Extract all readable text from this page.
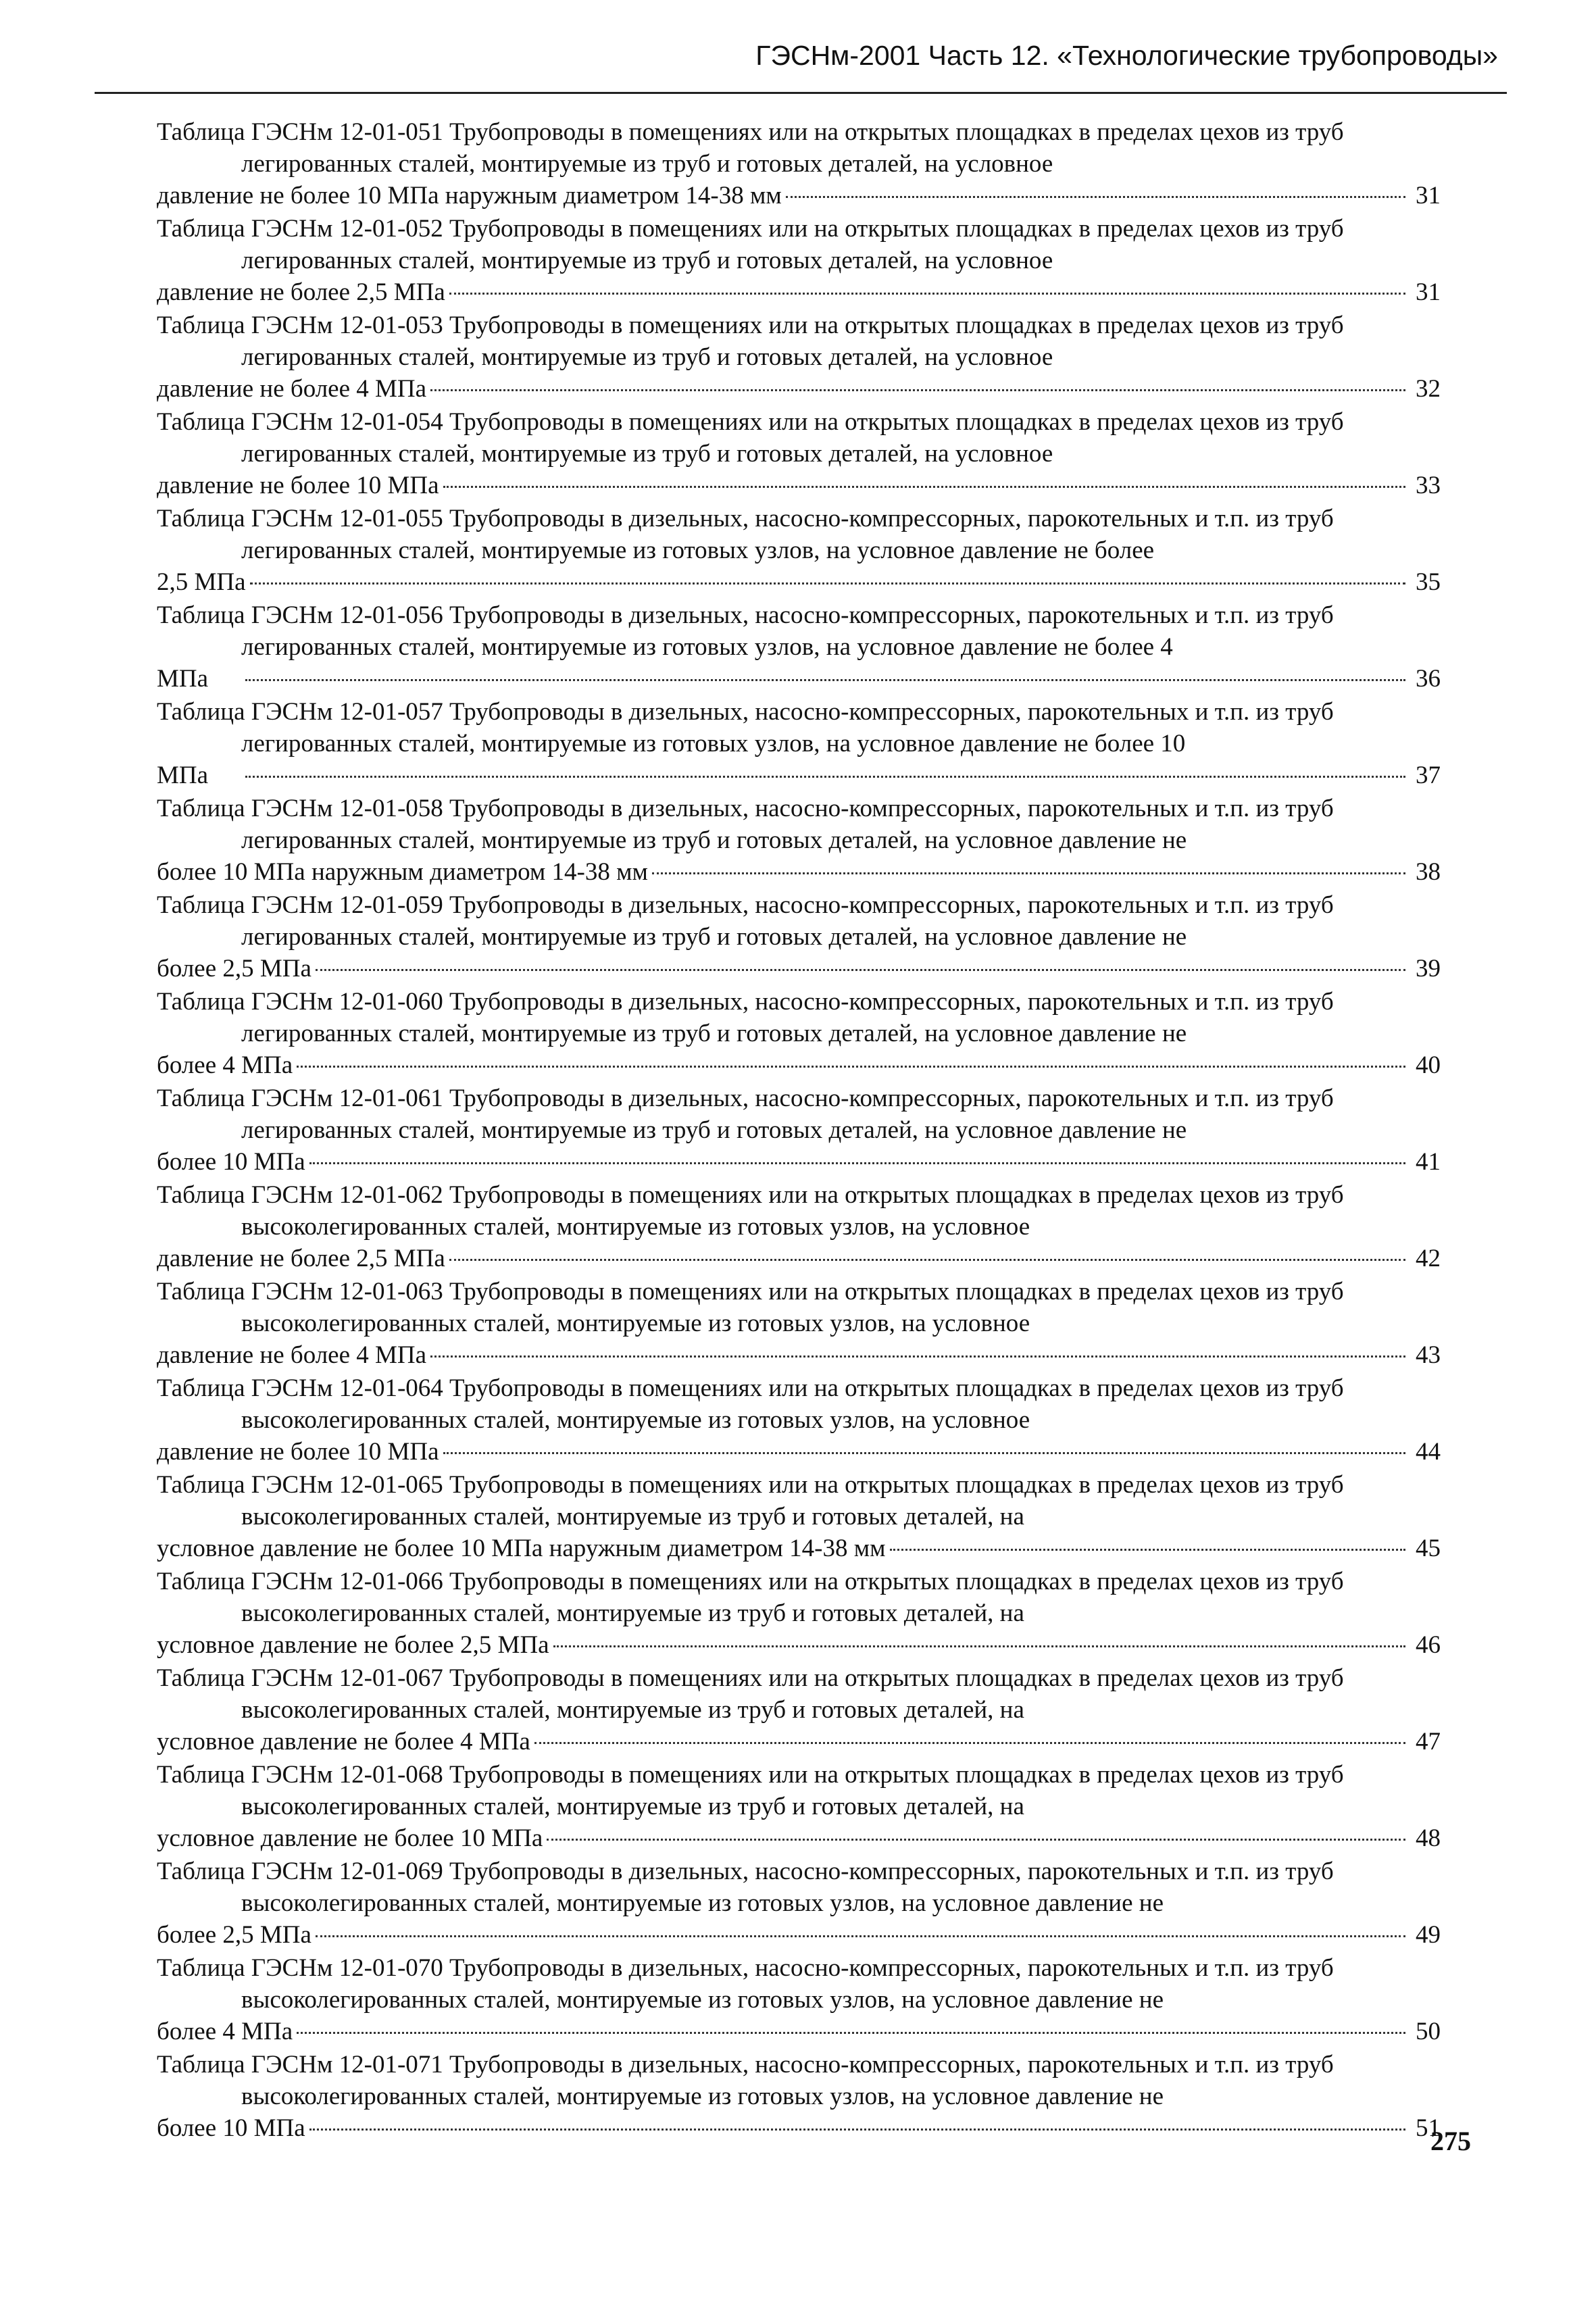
ГЭСНм-2001 Часть 12. «Технологические трубопроводы»
Таблица ГЭСНм 12-01-051 Трубопроводы в помещениях или на открытых площадках в пределах цехов из труб легированных сталей, монтируемые из труб и готовых деталей, на условное
давление не более 10 МПа наружным диаметром 14-38 мм	31
Таблица ГЭСНм 12-01-052 Трубопроводы в помещениях или на открытых площадках в пределах цехов из труб легированных сталей, монтируемые из труб и готовых деталей, на условное
давление не более 2,5 МПа	31
Таблица ГЭСНм 12-01-053 Трубопроводы в помещениях или на открытых площадках в пределах цехов из труб легированных сталей, монтируемые из труб и готовых деталей, на условное
давление не более 4 МПа	32
Таблица ГЭСНм 12-01-054 Трубопроводы в помещениях или на открытых площадках в пределах цехов из труб легированных сталей, монтируемые из труб и готовых деталей, на условное
давление не более 10 МПа	33
Таблица ГЭСНм 12-01-055 Трубопроводы в дизельных, насосно-компрессорных, парокотельных и т.п. из труб легированных сталей, монтируемые из готовых узлов, на условное давление не более
2,5 МПа	35
Таблица ГЭСНм 12-01-056 Трубопроводы в дизельных, насосно-компрессорных, парокотельных и т.п. из труб легированных сталей, монтируемые из готовых узлов, на условное давление не более 4
МПа	36
Таблица ГЭСНм 12-01-057 Трубопроводы в дизельных, насосно-компрессорных, парокотельных и т.п. из труб легированных сталей, монтируемые из готовых узлов, на условное давление не более 10
МПа	37
Таблица ГЭСНм 12-01-058 Трубопроводы в дизельных, насосно-компрессорных, парокотельных и т.п. из труб легированных сталей, монтируемые из труб и готовых деталей, на условное давление не
более 10 МПа наружным диаметром 14-38 мм	38
Таблица ГЭСНм 12-01-059 Трубопроводы в дизельных, насосно-компрессорных, парокотельных и т.п. из труб легированных сталей, монтируемые из труб и готовых деталей, на условное давление не
более 2,5 МПа	39
Таблица ГЭСНм 12-01-060 Трубопроводы в дизельных, насосно-компрессорных, парокотельных и т.п. из труб легированных сталей, монтируемые из труб и готовых деталей, на условное давление не
более 4 МПа	40
Таблица ГЭСНм 12-01-061 Трубопроводы в дизельных, насосно-компрессорных, парокотельных и т.п. из труб легированных сталей, монтируемые из труб и готовых деталей, на условное давление не
более 10 МПа	41
Таблица ГЭСНм 12-01-062 Трубопроводы в помещениях или на открытых площадках в пределах цехов из труб высоколегированных сталей, монтируемые из готовых узлов, на условное
давление не более 2,5 МПа	42
Таблица ГЭСНм 12-01-063 Трубопроводы в помещениях или на открытых площадках в пределах цехов из труб высоколегированных сталей, монтируемые из готовых узлов, на условное
давление не более 4 МПа	43
Таблица ГЭСНм 12-01-064 Трубопроводы в помещениях или на открытых площадках в пределах цехов из труб высоколегированных сталей, монтируемые из готовых узлов, на условное
давление не более 10 МПа	44
Таблица ГЭСНм 12-01-065 Трубопроводы в помещениях или на открытых площадках в пределах цехов из труб высоколегированных сталей, монтируемые из труб и готовых деталей, на
условное давление не более 10 МПа наружным диаметром 14-38 мм	45
Таблица ГЭСНм 12-01-066 Трубопроводы в помещениях или на открытых площадках в пределах цехов из труб высоколегированных сталей, монтируемые из труб и готовых деталей, на
условное давление не более 2,5 МПа	46
Таблица ГЭСНм 12-01-067 Трубопроводы в помещениях или на открытых площадках в пределах цехов из труб высоколегированных сталей, монтируемые из труб и готовых деталей, на
условное давление не более 4 МПа	47
Таблица ГЭСНм 12-01-068 Трубопроводы в помещениях или на открытых площадках в пределах цехов из труб высоколегированных сталей, монтируемые из труб и готовых деталей, на
условное давление не более 10 МПа	48
Таблица ГЭСНм 12-01-069 Трубопроводы в дизельных, насосно-компрессорных, парокотельных и т.п. из труб высоколегированных сталей, монтируемые из готовых узлов, на условное давление не
более 2,5 МПа	49
Таблица ГЭСНм 12-01-070 Трубопроводы в дизельных, насосно-компрессорных, парокотельных и т.п. из труб высоколегированных сталей, монтируемые из готовых узлов, на условное давление не
более 4 МПа	50
Таблица ГЭСНм 12-01-071 Трубопроводы в дизельных, насосно-компрессорных, парокотельных и т.п. из труб высоколегированных сталей, монтируемые из готовых узлов, на условное давление не
более 10 МПа	51
275
